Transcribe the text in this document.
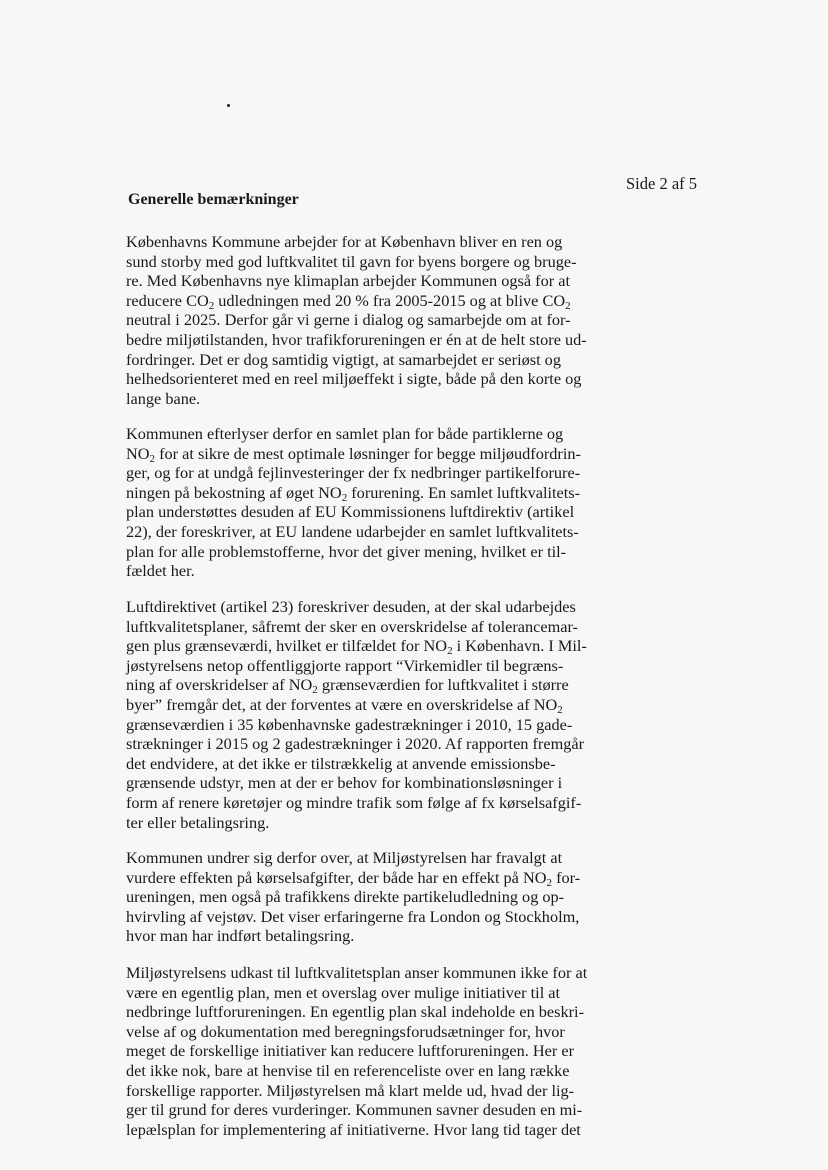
Side 2 af 5
Generelle bemærkninger
Københavns Kommune arbejder for at København bliver en ren og
sund storby med god luftkvalitet til gavn for byens borgere og bruge-
re. Med Københavns nye klimaplan arbejder Kommunen også for at
reducere $CO_2$ udledningen med 20 % fra 2005-2015 og at blive $CO_2$
neutral i 2025. Derfor går vi gerne i dialog og samarbejde om at for-
bedre miljøtilstanden, hvor trafikforureningen er én at de helt store ud-
fordringer. Det er dog samtidig vigtigt, at samarbejdet er seriøst og
helhedsorienteret med en reel miljøeffekt i sigte, både på den korte og
lange bane.
Kommunen efterlyser derfor en samlet plan for både partiklerne og
$NO_2$ for at sikre de mest optimale løsninger for begge miljøudfordrin-
ger, og for at undgå fejlinvesteringer der fx nedbringer partikelforure-
ningen på bekostning af øget $NO_2$ forurening. En samlet luftkvalitets-
plan understøttes desuden af EU Kommissionens luftdirektiv (artikel
22), der foreskriver, at EU landene udarbejder en samlet luftkvalitets-
plan for alle problemstofferne, hvor det giver mening, hvilket er til-
fældet her.
Luftdirektivet (artikel 23) foreskriver desuden, at der skal udarbejdes
luftkvalitetsplaner, såfremt der sker en overskridelse af tolerancemar-
gen plus grænseværdi, hvilket er tilfældet for $NO_2$ i København. I Mil-
jøstyrelsens netop offentliggjorte rapport “Virkemidler til begræns-
ning af overskridelser af $NO_2$ grænseværdien for luftkvalitet i større
byer” fremgår det, at der forventes at være en overskridelse af $NO_2$
grænseværdien i 35 københavnske gadestrækninger i 2010, 15 gade-
strækninger i 2015 og 2 gadestrækninger i 2020. Af rapporten fremgår
det endvidere, at det ikke er tilstrækkelig at anvende emissionsbe-
grænsende udstyr, men at der er behov for kombinationsløsninger i
form af renere køretøjer og mindre trafik som følge af fx kørselsafgif-
ter eller betalingsring.
Kommunen undrer sig derfor over, at Miljøstyrelsen har fravalgt at
vurdere effekten på kørselsafgifter, der både har en effekt på $NO_2$ for-
ureningen, men også på trafikkens direkte partikeludledning og op-
hvirvling af vejstøv. Det viser erfaringerne fra London og Stockholm,
hvor man har indført betalingsring.
Miljøstyrelsens udkast til luftkvalitetsplan anser kommunen ikke for at
være en egentlig plan, men et overslag over mulige initiativer til at
nedbringe luftforureningen. En egentlig plan skal indeholde en beskri-
velse af og dokumentation med beregningsforudsætninger for, hvor
meget de forskellige initiativer kan reducere luftforureningen. Her er
det ikke nok, bare at henvise til en referenceliste over en lang række
forskellige rapporter. Miljøstyrelsen må klart melde ud, hvad der lig-
ger til grund for deres vurderinger. Kommunen savner desuden en mi-
lepælsplan for implementering af initiativerne. Hvor lang tid tager det
